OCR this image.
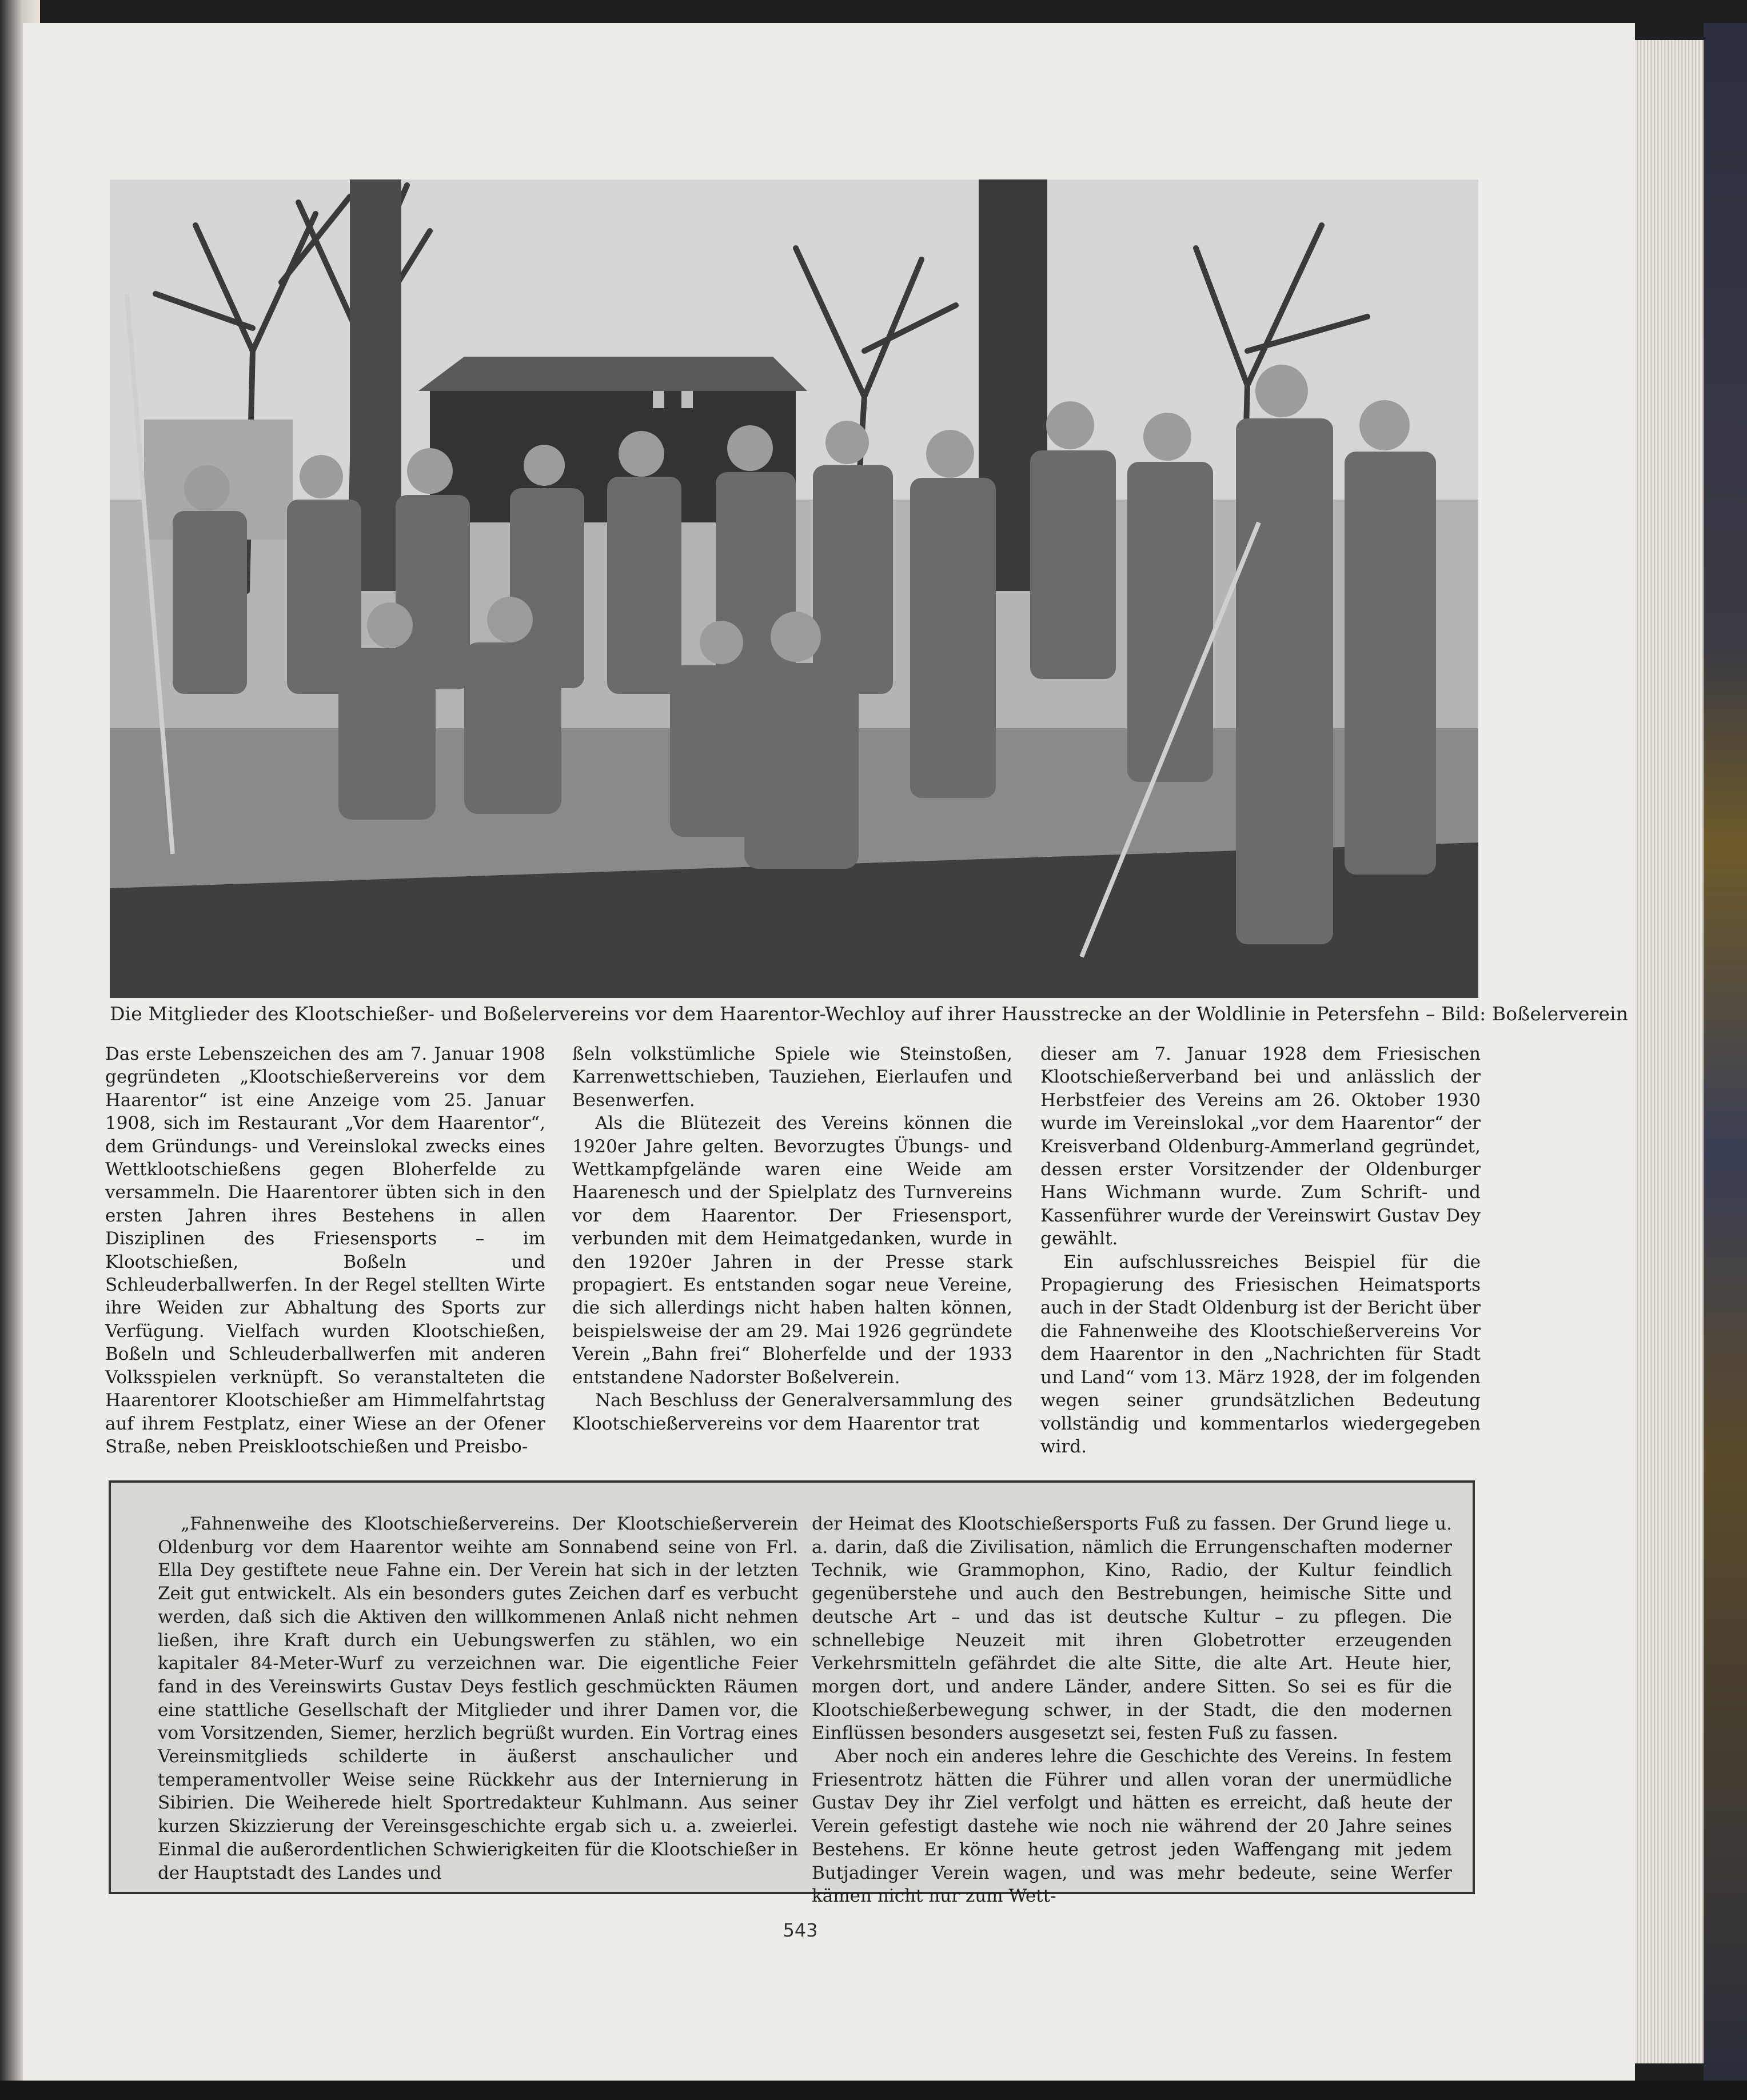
Die Mitglieder des Klootschießer- und Boßelervereins vor dem Haarentor-Wechloy auf ihrer Hausstrecke an der Woldlinie in Petersfehn – Bild: Boßelerverein

Das erste Lebenszeichen des am 7. Januar 1908 gegründeten „Klootschießervereins vor dem Haarentor“ ist eine Anzeige vom 25. Januar 1908, sich im Restaurant „Vor dem Haarentor“, dem Gründungs- und Vereinslokal zwecks eines Wettklootschießens gegen Bloherfelde zu versammeln. Die Haarentorer übten sich in den ersten Jahren ihres Bestehens in allen Disziplinen des Friesensports – im Klootschießen, Boßeln und Schleuderballwerfen. In der Regel stellten Wirte ihre Weiden zur Abhaltung des Sports zur Verfügung. Vielfach wurden Klootschießen, Boßeln und Schleuderballwerfen mit anderen Volksspielen verknüpft. So veranstalteten die Haarentorer Klootschießer am Himmelfahrtstag auf ihrem Festplatz, einer Wiese an der Ofener Straße, neben Preisklootschießen und Preisbo-

ßeln volkstümliche Spiele wie Steinstoßen, Karrenwettschieben, Tauziehen, Eierlaufen und Besenwerfen.

Als die Blütezeit des Vereins können die 1920er Jahre gelten. Bevorzugtes Übungs- und Wettkampfgelände waren eine Weide am Haarenesch und der Spielplatz des Turnvereins vor dem Haarentor. Der Friesensport, verbunden mit dem Heimatgedanken, wurde in den 1920er Jahren in der Presse stark propagiert. Es entstanden sogar neue Vereine, die sich allerdings nicht haben halten können, beispielsweise der am 29. Mai 1926 gegründete Verein „Bahn frei“ Bloherfelde und der 1933 entstandene Nadorster Boßelverein.

Nach Beschluss der Generalversammlung des Klootschießervereins vor dem Haarentor trat

dieser am 7. Januar 1928 dem Friesischen Klootschießerverband bei und anlässlich der Herbstfeier des Vereins am 26. Oktober 1930 wurde im Vereinslokal „vor dem Haarentor“ der Kreisverband Oldenburg-Ammerland gegründet, dessen erster Vorsitzender der Oldenburger Hans Wichmann wurde. Zum Schrift- und Kassenführer wurde der Vereinswirt Gustav Dey gewählt.

Ein aufschlussreiches Beispiel für die Propagierung des Friesischen Heimatsports auch in der Stadt Oldenburg ist der Bericht über die Fahnenweihe des Klootschießervereins Vor dem Haarentor in den „Nachrichten für Stadt und Land“ vom 13. März 1928, der im folgenden wegen seiner grundsätzlichen Bedeutung vollständig und kommentarlos wiedergegeben wird.

„Fahnenweihe des Klootschießervereins. Der Klootschießerverein Oldenburg vor dem Haarentor weihte am Sonnabend seine von Frl. Ella Dey gestiftete neue Fahne ein. Der Verein hat sich in der letzten Zeit gut entwickelt. Als ein besonders gutes Zeichen darf es verbucht werden, daß sich die Aktiven den willkommenen Anlaß nicht nehmen ließen, ihre Kraft durch ein Uebungswerfen zu stählen, wo ein kapitaler 84-Meter-Wurf zu verzeichnen war. Die eigentliche Feier fand in des Vereinswirts Gustav Deys festlich geschmückten Räumen eine stattliche Gesellschaft der Mitglieder und ihrer Damen vor, die vom Vorsitzenden, Siemer, herzlich begrüßt wurden. Ein Vortrag eines Vereinsmitglieds schilderte in äußerst anschaulicher und temperamentvoller Weise seine Rückkehr aus der Internierung in Sibirien. Die Weiherede hielt Sportredakteur Kuhlmann. Aus seiner kurzen Skizzierung der Vereinsgeschichte ergab sich u. a. zweierlei. Einmal die außerordentlichen Schwierigkeiten für die Klootschießer in der Hauptstadt des Landes und

der Heimat des Klootschießersports Fuß zu fassen. Der Grund liege u. a. darin, daß die Zivilisation, nämlich die Errungenschaften moderner Technik, wie Grammophon, Kino, Radio, der Kultur feindlich gegenüberstehe und auch den Bestrebungen, heimische Sitte und deutsche Art – und das ist deutsche Kultur – zu pflegen. Die schnellebige Neuzeit mit ihren Globetrotter erzeugenden Verkehrsmitteln gefährdet die alte Sitte, die alte Art. Heute hier, morgen dort, und andere Länder, andere Sitten. So sei es für die Klootschießerbewegung schwer, in der Stadt, die den modernen Einflüssen besonders ausgesetzt sei, festen Fuß zu fassen.

Aber noch ein anderes lehre die Geschichte des Vereins. In festem Friesentrotz hätten die Führer und allen voran der unermüdliche Gustav Dey ihr Ziel verfolgt und hätten es erreicht, daß heute der Verein gefestigt dastehe wie noch nie während der 20 Jahre seines Bestehens. Er könne heute getrost jeden Waffengang mit jedem Butjadinger Verein wagen, und was mehr bedeute, seine Werfer kämen nicht nur zum Wett-

543
